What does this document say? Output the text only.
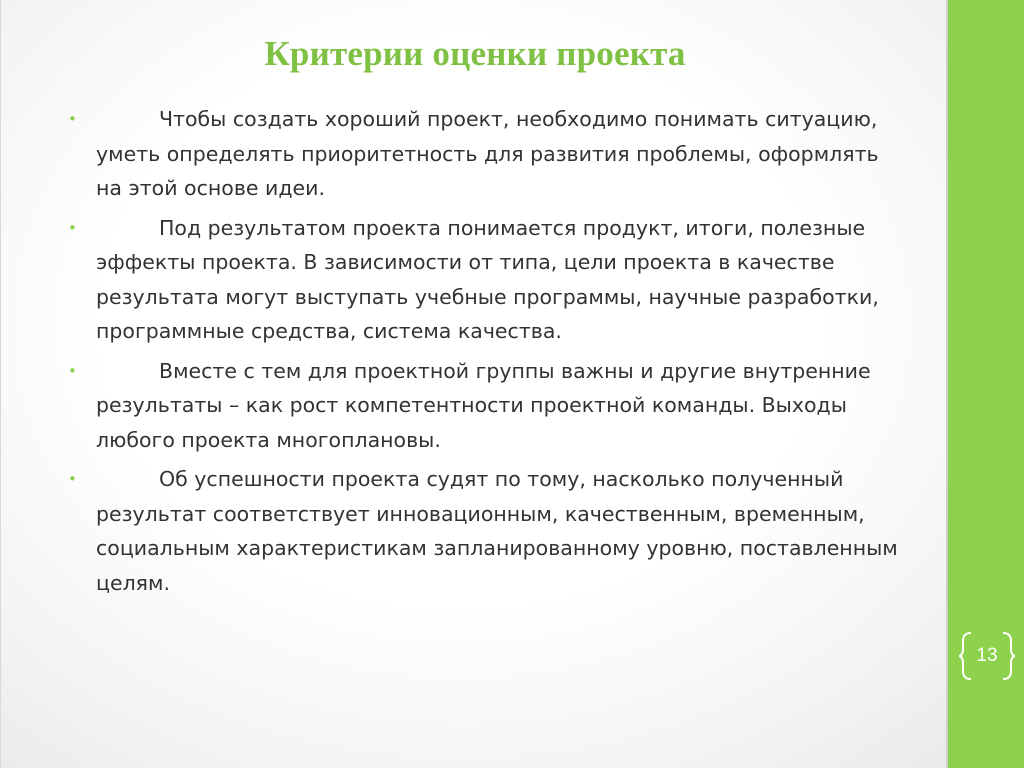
Критерии оценки проекта
•	Чтобы создать хороший проект, необходимо понимать ситуацию, уметь определять приоритетность для развития проблемы, оформлять на этой основе идеи.
•	Под результатом проекта понимается продукт, итоги, полезные эффекты проекта. В зависимости от типа, цели проекта в качестве результата могут выступать учебные программы, научные разработки, программные средства, система качества.
•	Вместе с тем для проектной группы важны и другие внутренние результаты – как рост компетентности проектной команды. Выходы любого проекта многоплановы.
•	Об успешности проекта судят по тому, насколько полученный результат соответствует инновационным, качественным, временным, социальным характеристикам запланированному уровню, поставленным целям.
13
